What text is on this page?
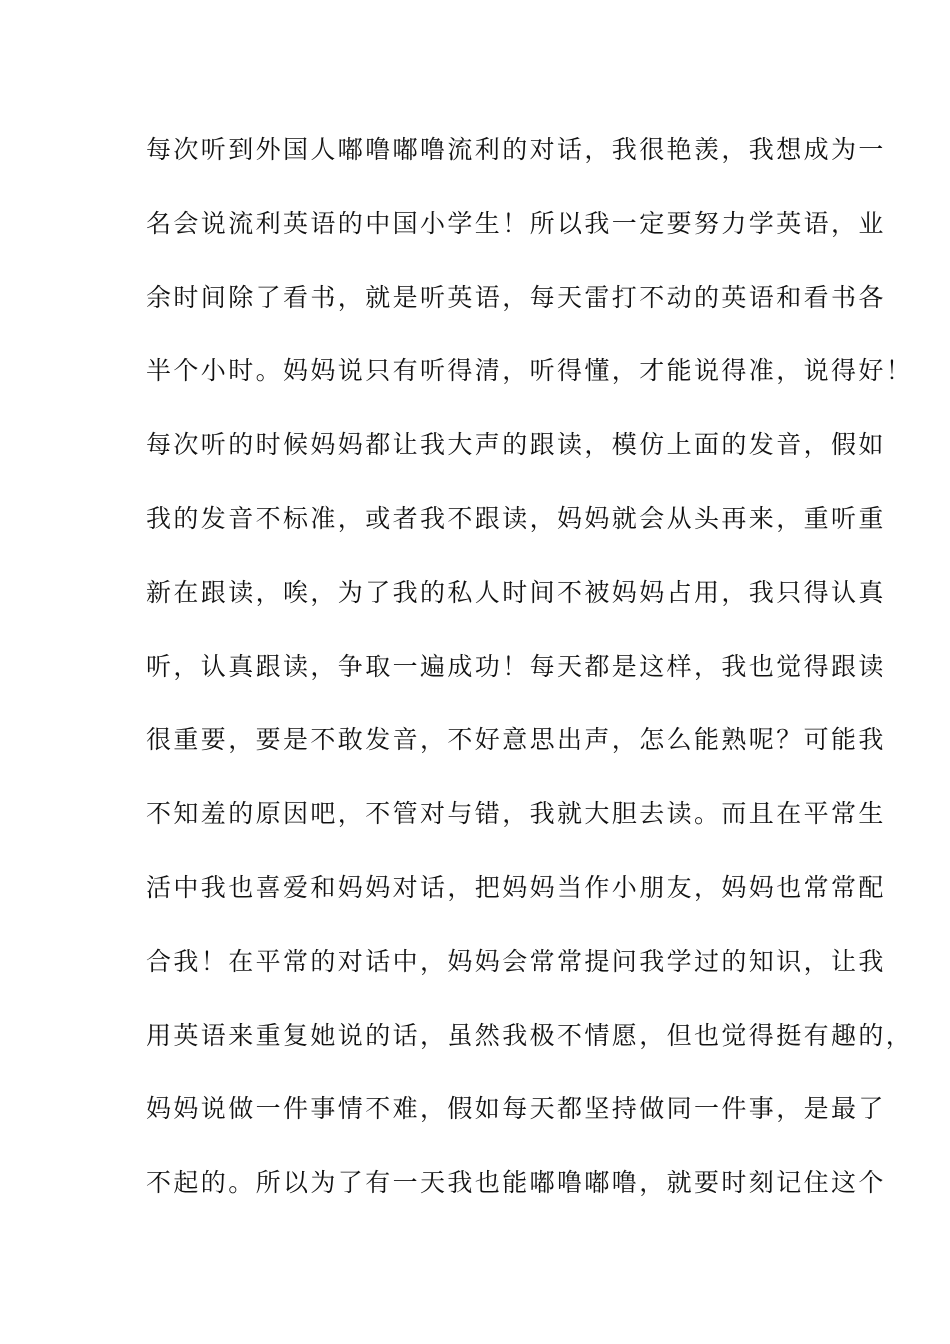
每次听到外国人嘟噜嘟噜流利的对话，我很艳羡，我想成为一
名会说流利英语的中国小学生！所以我一定要努力学英语，业
余时间除了看书，就是听英语，每天雷打不动的英语和看书各
半个小时。妈妈说只有听得清，听得懂，才能说得准，说得好！
每次听的时候妈妈都让我大声的跟读，模仿上面的发音，假如
我的发音不标准，或者我不跟读，妈妈就会从头再来，重听重
新在跟读，唉，为了我的私人时间不被妈妈占用，我只得认真
听，认真跟读，争取一遍成功！每天都是这样，我也觉得跟读
很重要，要是不敢发音，不好意思出声，怎么能熟呢？可能我
不知羞的原因吧，不管对与错，我就大胆去读。而且在平常生
活中我也喜爱和妈妈对话，把妈妈当作小朋友，妈妈也常常配
合我！在平常的对话中，妈妈会常常提问我学过的知识，让我
用英语来重复她说的话，虽然我极不情愿，但也觉得挺有趣的，
妈妈说做一件事情不难，假如每天都坚持做同一件事，是最了
不起的。所以为了有一天我也能嘟噜嘟噜，就要时刻记住这个
